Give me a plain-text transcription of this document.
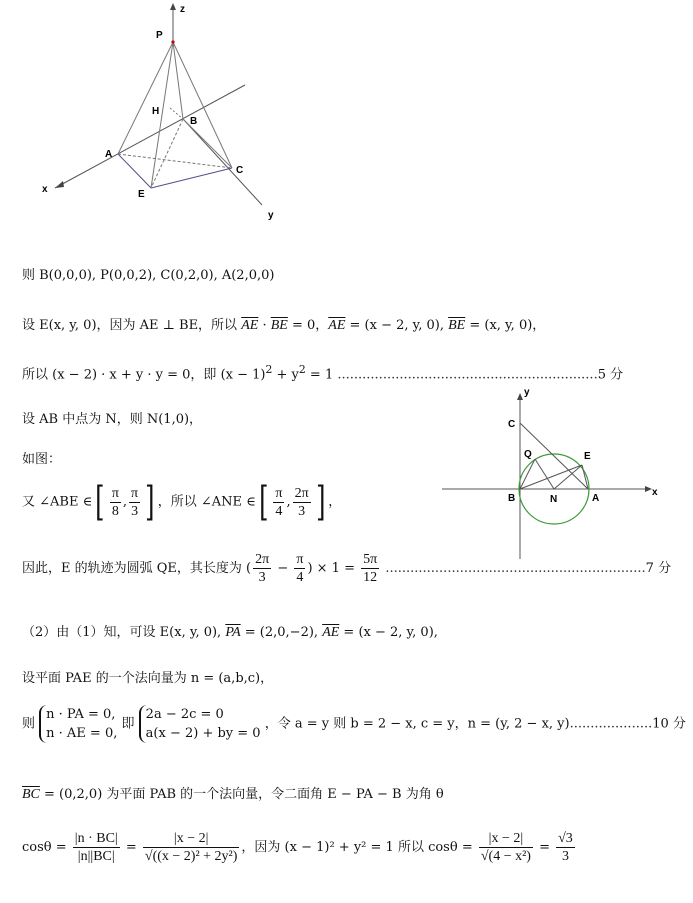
z
P
H
B
A
C
E
x
y
y
C
Q	E
B	N	A
x
则 B(0,0,0), P(0,0,2), C(0,2,0), A(2,0,0)
设 E(x, y, 0)，因为 AE ⊥ BE，所以 $\overline{AE} \cdot \overline{BE} = 0$，$\overline{AE} = (x - 2$, y, 0), $\overline{BE} = (x$, y, 0)，
所以 (x − 2) · x + y · y = 0，即 $(x - 1)^2 + y^2 = 1$ ...............................................................5 分
设 AB 中点为 N，则 N(1,0)，
如图：
又 ∠ABE ∈[ $\frac{\pi}{8}$ , $\frac{\pi}{3}$ ] ，所以 ∠ANE ∈[ $\frac{\pi}{4}$ , $\frac{2\pi}{3}$ ] ，
因此，E 的轨迹为圆弧 QE，其长度为 ( $\frac{2\pi}{3} - \frac{\pi}{4}$ ) × $1 = \frac{5\pi}{12} ...............................................................7$ 分
（2）由（1）知，可设 E(x, y, 0), $\overline{PA} = (2,0,-2)$, $\overline{AE} = (x - 2$, y, 0),
设平面 PAE 的一个法向量为 n = (a,b,c)，
则
n · PA = 0,
n · AE = 0,
即
2a − 2c = 0
a(x − 2) + by = 0
，令 a = y 则 b = 2 − x, c = y，n = (y, 2 − x, y)....................10 分
$\overline{BC} = (0,2,0)$ 为平面 PAB 的一个法向量，令二面角 E − PA − B 为角 θ
$\cos\theta = \frac{|n \cdot BC|}{|n||BC|} = \frac{|x - 2|}{\text{√((x − 2)² + 2y²)}}$ ，因为 (x − 1)² + y² = 1 所以 $\cos\theta = \frac{|x - 2|}{\text{√(4 − x²)}} = \frac{√3}{3}$
